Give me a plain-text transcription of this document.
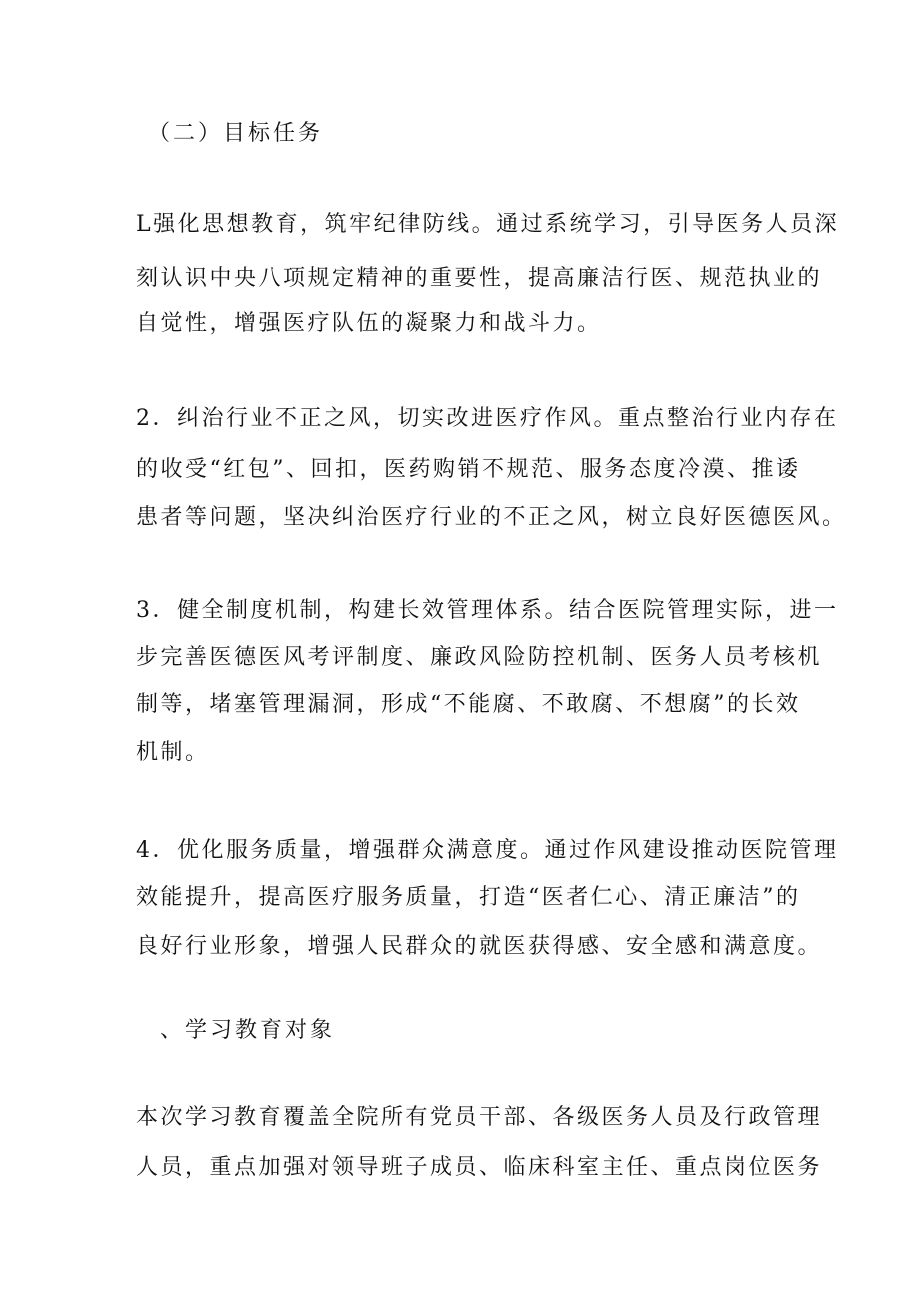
（二）目标任务
L强化思想教育，筑牢纪律防线。通过系统学习，引导医务人员深
刻认识中央八项规定精神的重要性，提高廉洁行医、规范执业的
自觉性，增强医疗队伍的凝聚力和战斗力。
2．纠治行业不正之风，切实改进医疗作风。重点整治行业内存在
的收受“红包”、回扣，医药购销不规范、服务态度冷漠、推诿
患者等问题，坚决纠治医疗行业的不正之风，树立良好医德医风。
3．健全制度机制，构建长效管理体系。结合医院管理实际，进一
步完善医德医风考评制度、廉政风险防控机制、医务人员考核机
制等，堵塞管理漏洞，形成“不能腐、不敢腐、不想腐”的长效
机制。
4．优化服务质量，增强群众满意度。通过作风建设推动医院管理
效能提升，提高医疗服务质量，打造“医者仁心、清正廉洁”的
良好行业形象，增强人民群众的就医获得感、安全感和满意度。
、学习教育对象
本次学习教育覆盖全院所有党员干部、各级医务人员及行政管理
人员，重点加强对领导班子成员、临床科室主任、重点岗位医务
